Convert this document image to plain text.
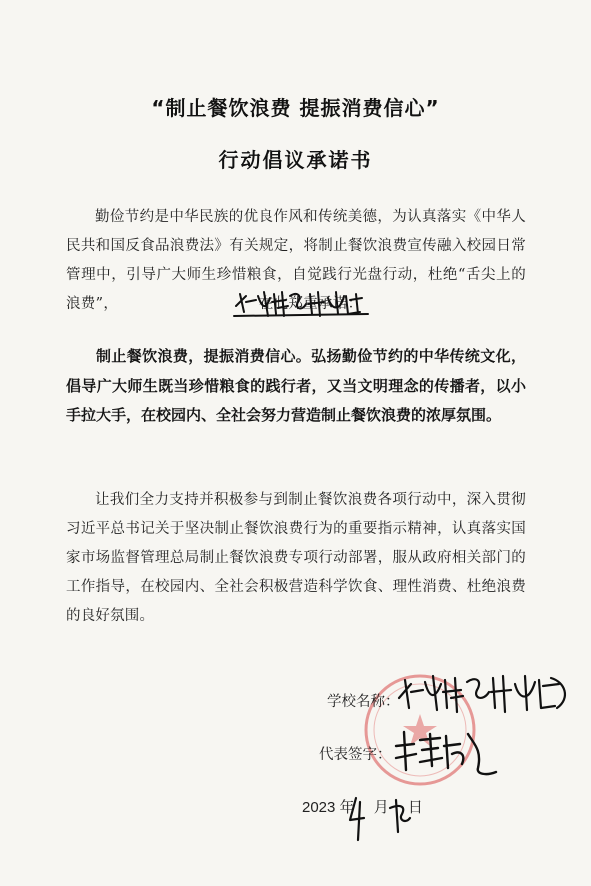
“制止餐饮浪费 提振消费信心”
行动倡议承诺书
勤俭节约是中华民族的优良作风和传统美德，为认真落实《中华人民共和国反食品浪费法》有关规定，将制止餐饮浪费宣传融入校园日常管理中，引导广大师生珍惜粮食，自觉践行光盘行动，杜绝“舌尖上的浪费”，　　　　　　　　　　在此郑重承诺：
制止餐饮浪费，提振消费信心。弘扬勤俭节约的中华传统文化，倡导广大师生既当珍惜粮食的践行者，又当文明理念的传播者，以小手拉大手，在校园内、全社会努力营造制止餐饮浪费的浓厚氛围。
让我们全力支持并积极参与到制止餐饮浪费各项行动中，深入贯彻习近平总书记关于坚决制止餐饮浪费行为的重要指示精神，认真落实国家市场监督管理总局制止餐饮浪费专项行动部署，服从政府相关部门的工作指导，在校园内、全社会积极营造科学饮食、理性消费、杜绝浪费的良好氛围。
学校名称：
代表签字：
2023 年　 月　 日
